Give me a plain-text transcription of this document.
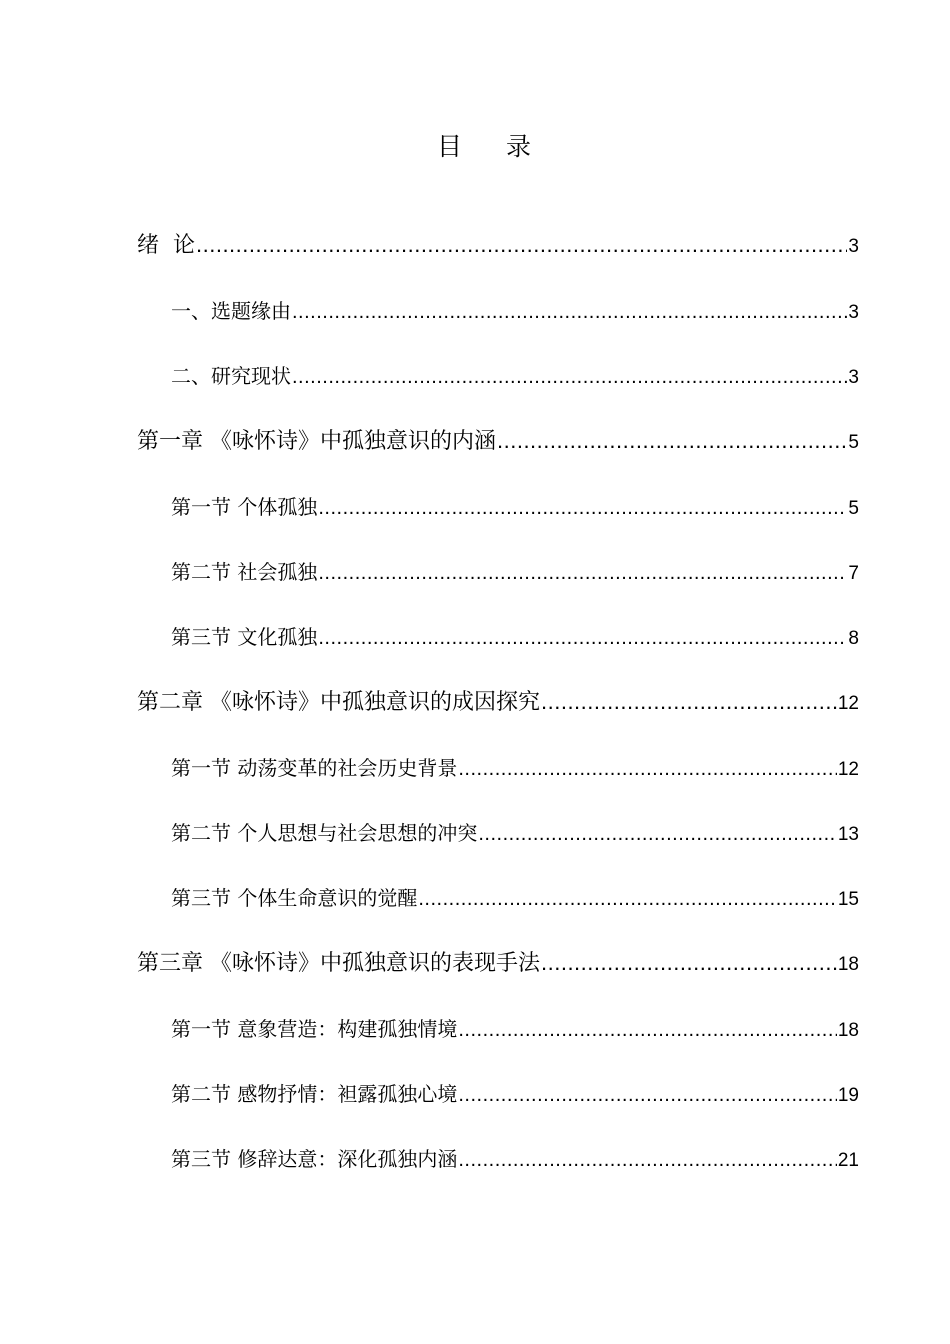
目 录
绪  论 .....	3
一、选题缘由 .....	3
二、研究现状 .....	3
第一章 《咏怀诗》中孤独意识的内涵 .....	5
第一节 个体孤独 .....	5
第二节 社会孤独 .....	7
第三节 文化孤独 .....	8
第二章 《咏怀诗》中孤独意识的成因探究 .....	12
第一节 动荡变革的社会历史背景 .....	12
第二节 个人思想与社会思想的冲突 .....	13
第三节 个体生命意识的觉醒 .....	15
第三章 《咏怀诗》中孤独意识的表现手法 .....	18
第一节 意象营造：构建孤独情境 .....	18
第二节 感物抒情：袒露孤独心境 .....	19
第三节 修辞达意：深化孤独内涵 .....	21
